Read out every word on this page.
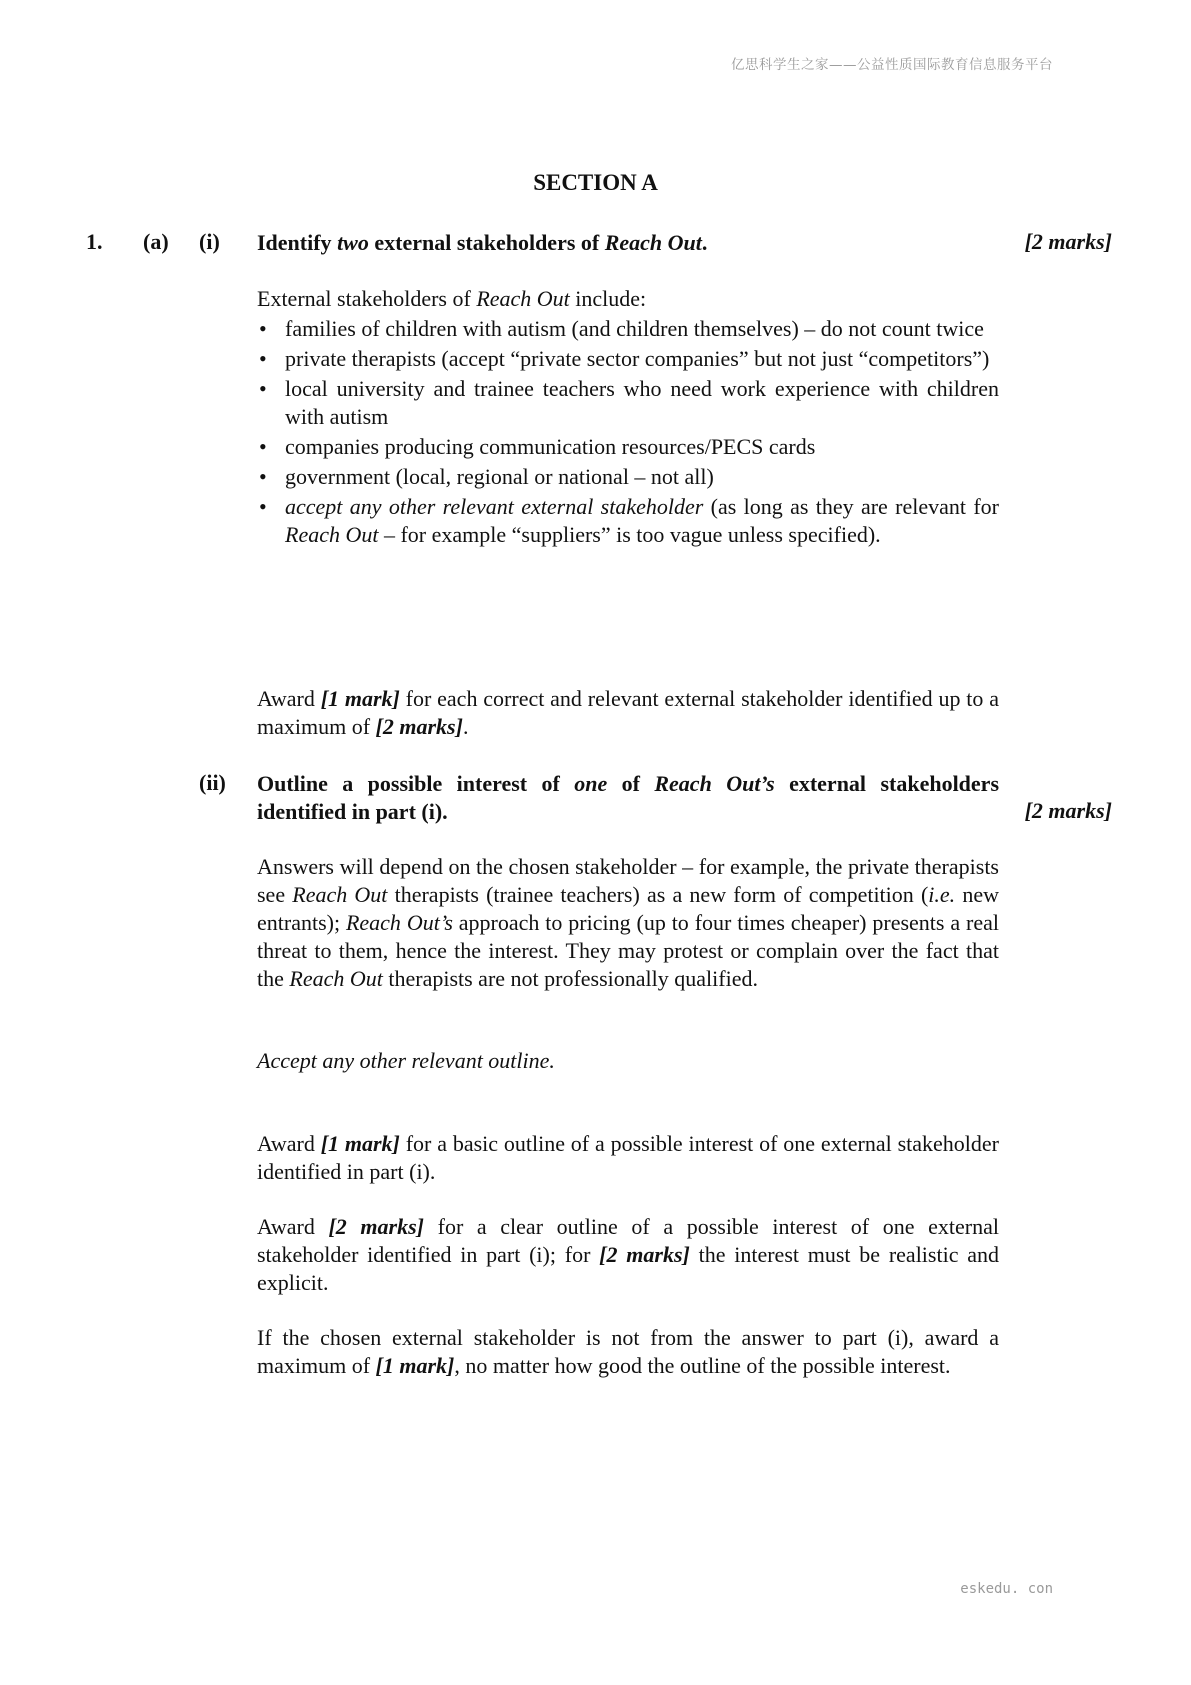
亿思科学生之家——公益性质国际教育信息服务平台
SECTION A
1. (a) (i) Identify two external stakeholders of Reach Out.	[2 marks]

External stakeholders of Reach Out include:

• families of children with autism (and children themselves) – do not count twice
• private therapists (accept “private sector companies” but not just “competitors”)
• local university and trainee teachers who need work experience with children with autism
• companies producing communication resources/PECS cards
• government (local, regional or national – not all)
• accept any other relevant external stakeholder (as long as they are relevant for Reach Out – for example “suppliers” is too vague unless specified).

Award [1 mark] for each correct and relevant external stakeholder identified up to a maximum of [2 marks].

(ii) Outline a possible interest of one of Reach Out’s external stakeholders identified in part (i).	[2 marks]

Answers will depend on the chosen stakeholder – for example, the private therapists see Reach Out therapists (trainee teachers) as a new form of competition (i.e. new entrants); Reach Out’s approach to pricing (up to four times cheaper) presents a real threat to them, hence the interest. They may protest or complain over the fact that the Reach Out therapists are not professionally qualified.

Accept any other relevant outline.

Award [1 mark] for a basic outline of a possible interest of one external stakeholder identified in part (i).

Award [2 marks] for a clear outline of a possible interest of one external stakeholder identified in part (i); for [2 marks] the interest must be realistic and explicit.

If the chosen external stakeholder is not from the answer to part (i), award a maximum of [1 mark], no matter how good the outline of the possible interest.

eskedu. con
